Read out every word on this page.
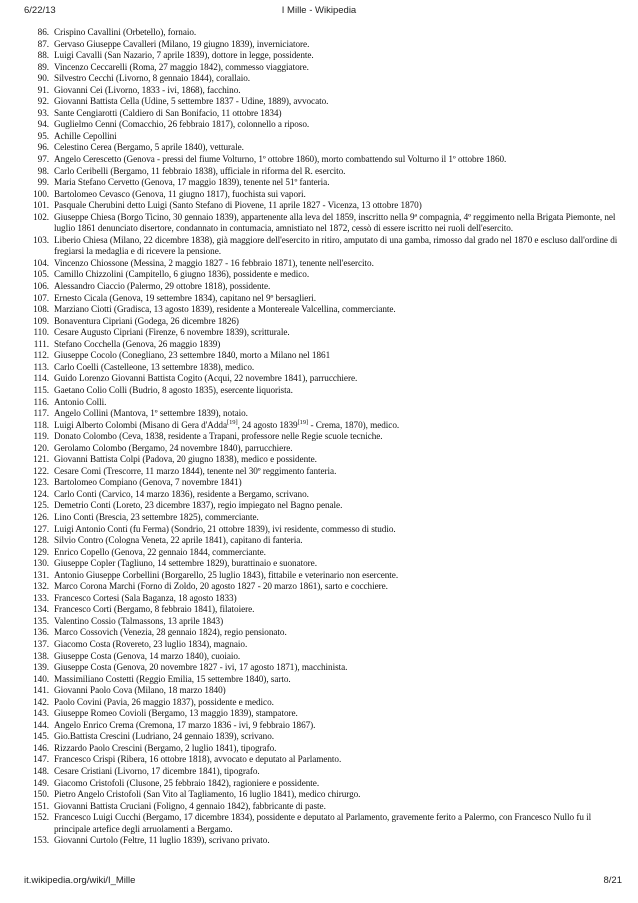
6/22/13	I Mille - Wikipedia
86. Crispino Cavallini (Orbetello), fornaio.
87. Gervaso Giuseppe Cavalleri (Milano, 19 giugno 1839), inverniciatore.
88. Luigi Cavalli (San Nazario, 7 aprile 1839), dottore in legge, possidente.
89. Vincenzo Ceccarelli (Roma, 27 maggio 1842), commesso viaggiatore.
90. Silvestro Cecchi (Livorno, 8 gennaio 1844), corallaio.
91. Giovanni Cei (Livorno, 1833 - ivi, 1868), facchino.
92. Giovanni Battista Cella (Udine, 5 settembre 1837 - Udine, 1889), avvocato.
93. Sante Cengiarotti (Caldiero di San Bonifacio, 11 ottobre 1834)
94. Guglielmo Cenni (Comacchio, 26 febbraio 1817), colonnello a riposo.
95. Achille Cepollini
96. Celestino Cerea (Bergamo, 5 aprile 1840), vetturale.
97. Angelo Cerescetto (Genova - pressi del fiume Volturno, 1º ottobre 1860), morto combattendo sul Volturno il 1º ottobre 1860.
98. Carlo Ceribelli (Bergamo, 11 febbraio 1838), ufficiale in riforma del R. esercito.
99. Maria Stefano Cervetto (Genova, 17 maggio 1839), tenente nel 51º fanteria.
100. Bartolomeo Cevasco (Genova, 11 giugno 1817), fuochista sui vapori.
101. Pasquale Cherubini detto Luigi (Santo Stefano di Piovene, 11 aprile 1827 - Vicenza, 13 ottobre 1870)
102. Giuseppe Chiesa (Borgo Ticino, 30 gennaio 1839), appartenente alla leva del 1859, inscritto nella 9ª compagnia, 4º reggimento nella Brigata Piemonte, nel luglio 1861 denunciato disertore, condannato in contumacia, amnistiato nel 1872, cessò di essere iscritto nei ruoli dell'esercito.
103. Liberio Chiesa (Milano, 22 dicembre 1838), già maggiore dell'esercito in ritiro, amputato di una gamba, rimosso dal grado nel 1870 e escluso dall'ordine di fregiarsi la medaglia e di ricevere la pensione.
104. Vincenzo Chiossone (Messina, 2 maggio 1827 - 16 febbraio 1871), tenente nell'esercito.
105. Camillo Chizzolini (Campitello, 6 giugno 1836), possidente e medico.
106. Alessandro Ciaccio (Palermo, 29 ottobre 1818), possidente.
107. Ernesto Cicala (Genova, 19 settembre 1834), capitano nel 9º bersaglieri.
108. Marziano Ciotti (Gradisca, 13 agosto 1839), residente a Montereale Valcellina, commerciante.
109. Bonaventura Cipriani (Godega, 26 dicembre 1826)
110. Cesare Augusto Cipriani (Firenze, 6 novembre 1839), scritturale.
111. Stefano Cocchella (Genova, 26 maggio 1839)
112. Giuseppe Cocolo (Conegliano, 23 settembre 1840, morto a Milano nel 1861
113. Carlo Coelli (Castelleone, 13 settembre 1838), medico.
114. Guido Lorenzo Giovanni Battista Cogito (Acqui, 22 novembre 1841), parrucchiere.
115. Gaetano Colio Colli (Budrio, 8 agosto 1835), esercente liquorista.
116. Antonio Colli.
117. Angelo Collini (Mantova, 1º settembre 1839), notaio.
118. Luigi Alberto Colombi (Misano di Gera d'Adda[19], 24 agosto 1839[19] - Crema, 1870), medico.
119. Donato Colombo (Ceva, 1838, residente a Trapani, professore nelle Regie scuole tecniche.
120. Gerolamo Colombo (Bergamo, 24 novembre 1840), parrucchiere.
121. Giovanni Battista Colpi (Padova, 20 giugno 1838), medico e possidente.
122. Cesare Comi (Trescorre, 11 marzo 1844), tenente nel 30º reggimento fanteria.
123. Bartolomeo Compiano (Genova, 7 novembre 1841)
124. Carlo Conti (Carvico, 14 marzo 1836), residente a Bergamo, scrivano.
125. Demetrio Conti (Loreto, 23 dicembre 1837), regio impiegato nel Bagno penale.
126. Lino Conti (Brescia, 23 settembre 1825), commerciante.
127. Luigi Antonio Conti (fu Ferma) (Sondrio, 21 ottobre 1839), ivi residente, commesso di studio.
128. Silvio Contro (Cologna Veneta, 22 aprile 1841), capitano di fanteria.
129. Enrico Copello (Genova, 22 gennaio 1844, commerciante.
130. Giuseppe Copler (Tagliuno, 14 settembre 1829), burattinaio e suonatore.
131. Antonio Giuseppe Corbellini (Borgarello, 25 luglio 1843), fittabile e veterinario non esercente.
132. Marco Corona Marchi (Forno di Zoldo, 20 agosto 1827 - 20 marzo 1861), sarto e cocchiere.
133. Francesco Cortesi (Sala Baganza, 18 agosto 1833)
134. Francesco Corti (Bergamo, 8 febbraio 1841), filatoiere.
135. Valentino Cossio (Talmassons, 13 aprile 1843)
136. Marco Cossovich (Venezia, 28 gennaio 1824), regio pensionato.
137. Giacomo Costa (Rovereto, 23 luglio 1834), magnaio.
138. Giuseppe Costa (Genova, 14 marzo 1840), cuoiaio.
139. Giuseppe Costa (Genova, 20 novembre 1827 - ivi, 17 agosto 1871), macchinista.
140. Massimiliano Costetti (Reggio Emilia, 15 settembre 1840), sarto.
141. Giovanni Paolo Cova (Milano, 18 marzo 1840)
142. Paolo Covini (Pavia, 26 maggio 1837), possidente e medico.
143. Giuseppe Romeo Covioli (Bergamo, 13 maggio 1839), stampatore.
144. Angelo Enrico Crema (Cremona, 17 marzo 1836 - ivi, 9 febbraio 1867).
145. Gio.Battista Crescini (Ludriano, 24 gennaio 1839), scrivano.
146. Rizzardo Paolo Crescini (Bergamo, 2 luglio 1841), tipografo.
147. Francesco Crispi (Ribera, 16 ottobre 1818), avvocato e deputato al Parlamento.
148. Cesare Cristiani (Livorno, 17 dicembre 1841), tipografo.
149. Giacomo Cristofoli (Clusone, 25 febbraio 1842), ragioniere e possidente.
150. Pietro Angelo Cristofoli (San Vito al Tagliamento, 16 luglio 1841), medico chirurgo.
151. Giovanni Battista Cruciani (Foligno, 4 gennaio 1842), fabbricante di paste.
152. Francesco Luigi Cucchi (Bergamo, 17 dicembre 1834), possidente e deputato al Parlamento, gravemente ferito a Palermo, con Francesco Nullo fu il principale artefice degli arruolamenti a Bergamo.
153. Giovanni Curtolo (Feltre, 11 luglio 1839), scrivano privato.
it.wikipedia.org/wiki/I_Mille	8/21
